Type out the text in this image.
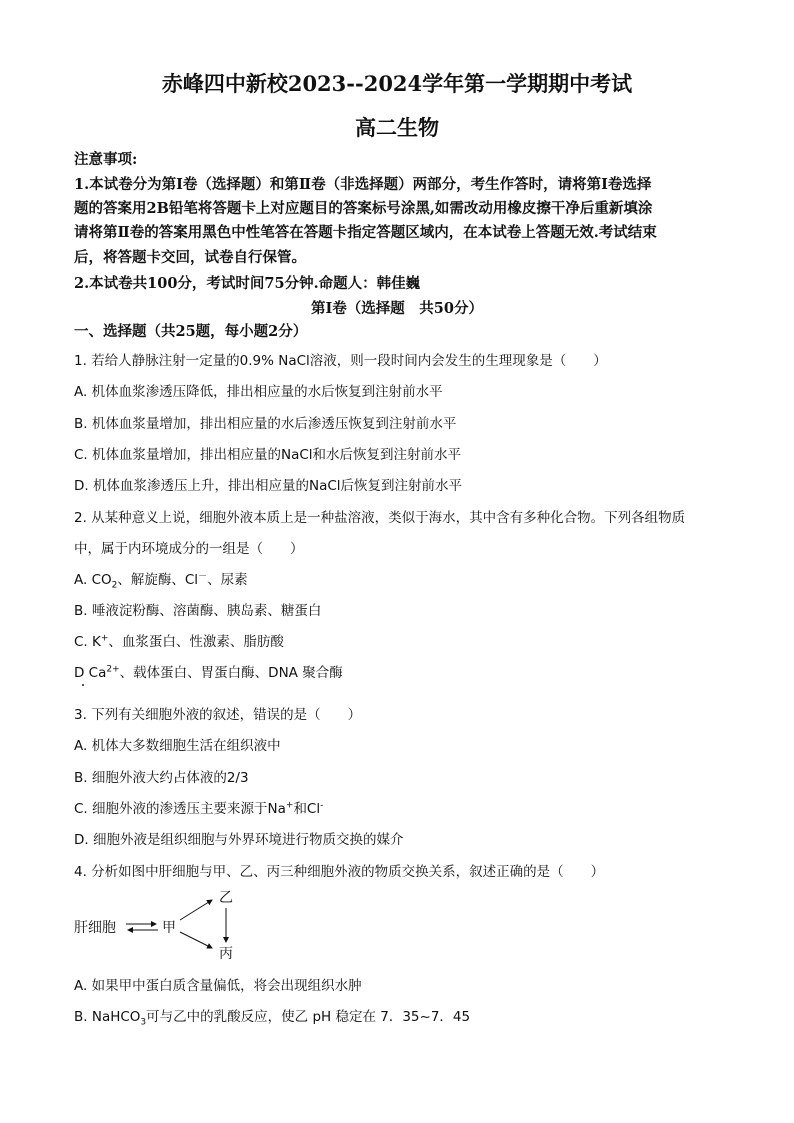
赤峰四中新校2023--2024学年第一学期期中考试
高二生物
注意事项:
1.本试卷分为第Ⅰ卷（选择题）和第Ⅱ卷（非选择题）两部分，考生作答时，请将第Ⅰ卷选择
题的答案用2B铅笔将答题卡上对应题目的答案标号涂黑,如需改动用橡皮擦干净后重新填涂
请将第Ⅱ卷的答案用黑色中性笔答在答题卡指定答题区域内，在本试卷上答题无效.考试结束
后，将答题卡交回，试卷自行保管。
2.本试卷共100分，考试时间75分钟.命题人：韩佳巍
第Ⅰ卷（选择题　共50分）
一、选择题（共25题，每小题2分）
1. 若给人静脉注射一定量的0.9% NaCl溶液，则一段时间内会发生的生理现象是（　　）
A. 机体血浆渗透压降低，排出相应量的水后恢复到注射前水平
B. 机体血浆量增加，排出相应量的水后渗透压恢复到注射前水平
C. 机体血浆量增加，排出相应量的NaCl和水后恢复到注射前水平
D. 机体血浆渗透压上升，排出相应量的NaCl后恢复到注射前水平
2. 从某种意义上说，细胞外液本质上是一种盐溶液，类似于海水，其中含有多种化合物。下列各组物质
中，属于内环境成分的一组是（　　）
A. $CO_2$、解旋酶、Cl－、尿素
B. 唾液淀粉酶、溶菌酶、胰岛素、糖蛋白
C. K+、血浆蛋白、性激素、脂肪酸
D $Ca^{2+}$、载体蛋白、胃蛋白酶、DNA 聚合酶
3. 下列有关细胞外液的叙述，错误的是（　　）
A. 机体大多数细胞生活在组织液中
B. 细胞外液大约占体液的2/3
C. 细胞外液的渗透压主要来源于Na+和Cl-
D. 细胞外液是组织细胞与外界环境进行物质交换的媒介
4. 分析如图中肝细胞与甲、乙、丙三种细胞外液的物质交换关系，叙述正确的是（　　）
肝细胞	甲
乙
丙
A. 如果甲中蛋白质含量偏低，将会出现组织水肿
B. NaHCO$_3$可与乙中的乳酸反应，使乙 pH 稳定在 7．35~7．45
